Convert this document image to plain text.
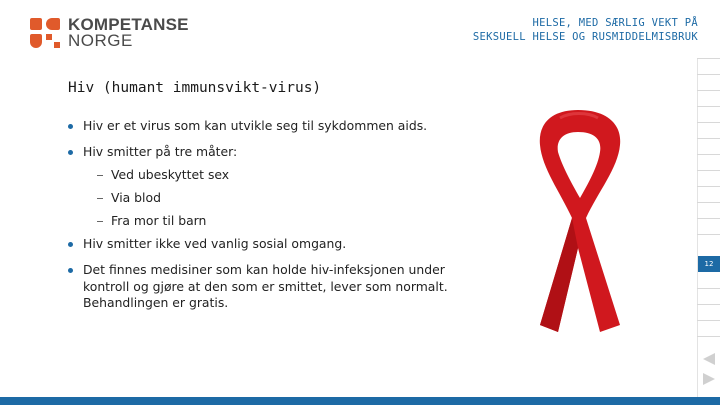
KOMPETANSE
NORGE
HELSE, MED SÆRLIG VEKT PÅ
SEKSUELL HELSE OG RUSMIDDELMISBRUK
Hiv (humant immunsvikt-virus)
Hiv er et virus som kan utvikle seg til sykdommen aids.
Hiv smitter på tre måter:
Ved ubeskyttet sex
Via blod
Fra mor til barn
Hiv smitter ikke ved vanlig sosial omgang.
Det finnes medisiner som kan holde hiv-infeksjonen under kontroll og gjøre at den som er smittet, lever som normalt. Behandlingen er gratis.
12
